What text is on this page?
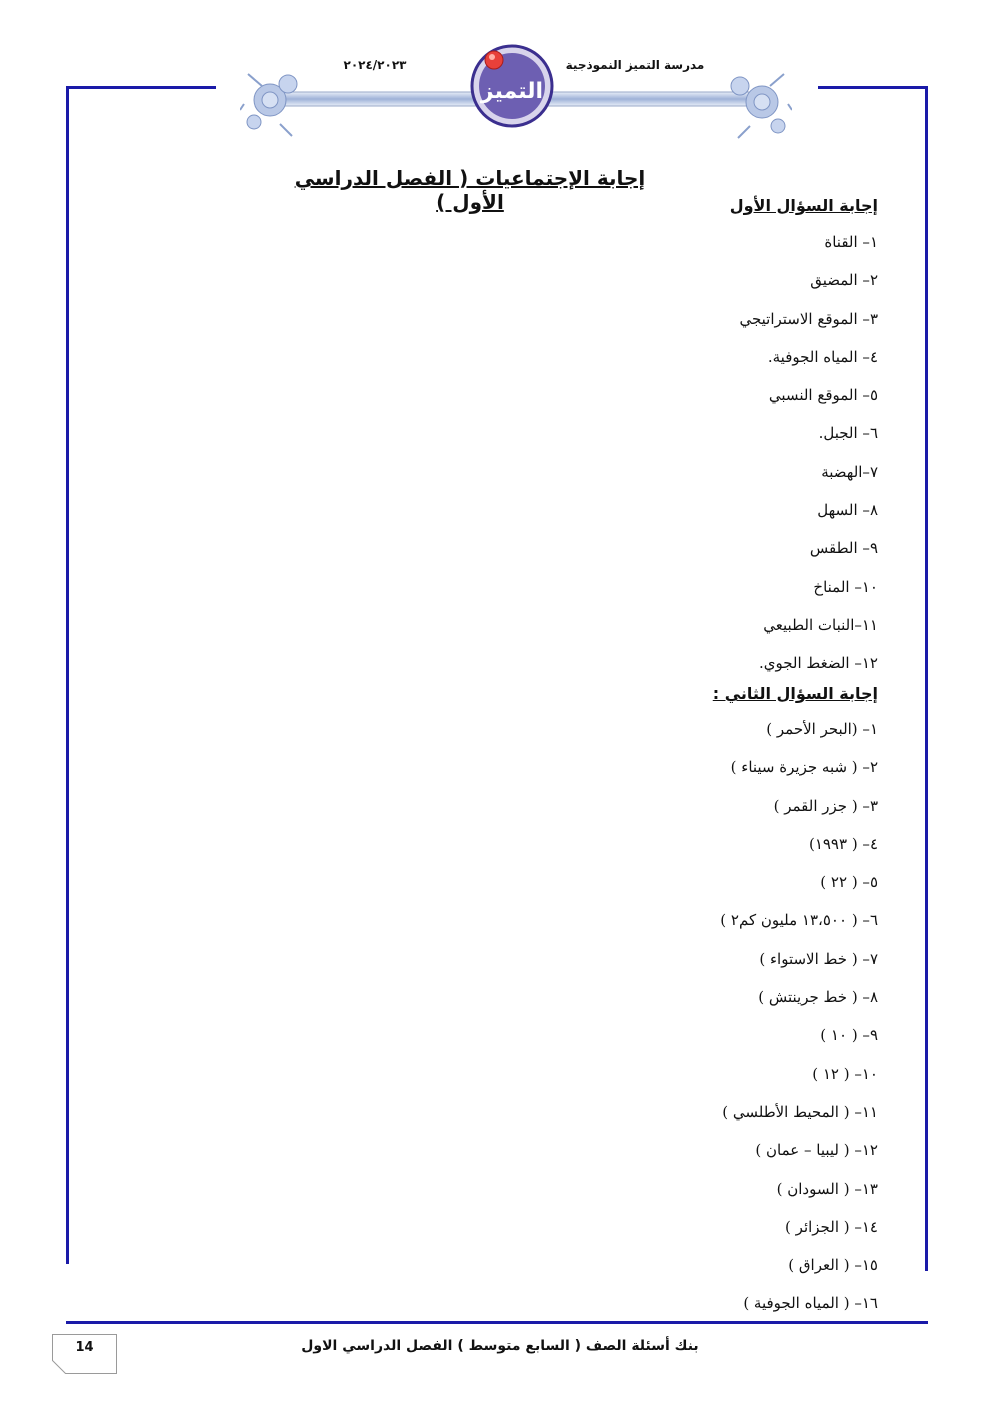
مدرسة التميز النموذجية
٢٠٢٤/٢٠٢٣
التميز
إجابة الإجتماعيات ( الفصل الدراسي الأول )	إجابة السؤال الأول
١– القناة
٢– المضيق
٣– الموقع الاستراتيجي
٤– المياه الجوفية.
٥– الموقع النسبي
٦– الجبل.
٧–الهضبة
٨– السهل
٩– الطقس
١٠– المناخ
١١–النبات الطبيعي
١٢– الضغط الجوي.
إجابة السؤال الثاني :
١– (البحر الأحمر )
٢– ( شبه جزيرة سيناء )
٣– ( جزر القمر )
٤– ( ١٩٩٣)
٥– ( ٢٢ )
٦– ( ١٣،٥٠٠ مليون كم٢ )
٧– ( خط الاستواء )
٨– ( خط جرينتش )
٩– ( ١٠ )
١٠– ( ١٢ )
١١– ( المحيط الأطلسي )
١٢– ( ليبيا – عمان )
١٣– ( السودان )
١٤– ( الجزائر )
١٥– ( العراق )
١٦– ( المياه الجوفية )
14	بنك أسئلة الصف ( السابع متوسط ) الفصل الدراسي الاول
